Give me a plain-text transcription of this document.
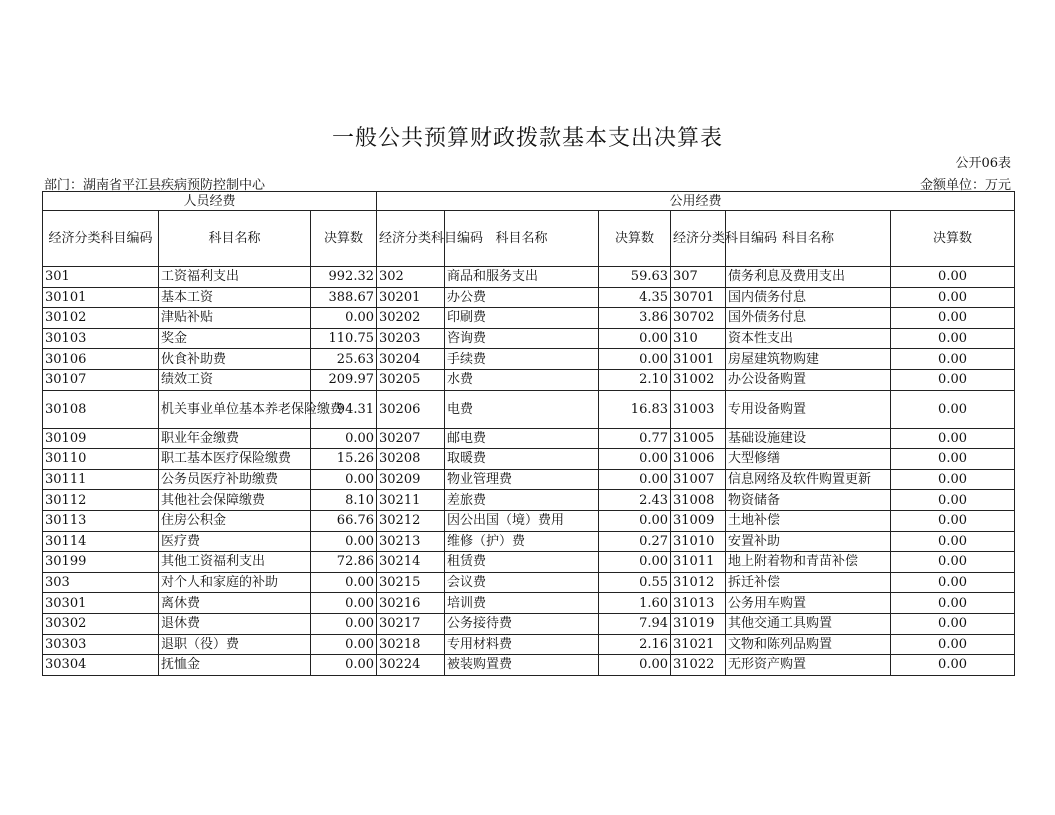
一般公共预算财政拨款基本支出决算表
公开06表
部门：湖南省平江县疾病预防控制中心	金额单位：万元
人员经费			公用经费					
经济分类科目编码	科目名称	决算数	经济分类科目编码	科目名称	决算数	经济分类科目编码	科目名称	决算数
301	工资福利支出	992.32	302	商品和服务支出	59.63	307	债务利息及费用支出	0.00
30101	基本工资	388.67	30201	办公费	4.35	30701	国内债务付息	0.00
30102	津贴补贴	0.00	30202	印刷费	3.86	30702	国外债务付息	0.00
30103	奖金	110.75	30203	咨询费	0.00	310	资本性支出	0.00
30106	伙食补助费	25.63	30204	手续费	0.00	31001	房屋建筑物购建	0.00
30107	绩效工资	209.97	30205	水费	2.10	31002	办公设备购置	0.00
30108	机关事业单位基本养老保险缴费	94.31	30206	电费	16.83	31003	专用设备购置	0.00
30109	职业年金缴费	0.00	30207	邮电费	0.77	31005	基础设施建设	0.00
30110	职工基本医疗保险缴费	15.26	30208	取暖费	0.00	31006	大型修缮	0.00
30111	公务员医疗补助缴费	0.00	30209	物业管理费	0.00	31007	信息网络及软件购置更新	0.00
30112	其他社会保障缴费	8.10	30211	差旅费	2.43	31008	物资储备	0.00
30113	住房公积金	66.76	30212	因公出国（境）费用	0.00	31009	土地补偿	0.00
30114	医疗费	0.00	30213	维修（护）费	0.27	31010	安置补助	0.00
30199	其他工资福利支出	72.86	30214	租赁费	0.00	31011	地上附着物和青苗补偿	0.00
303	对个人和家庭的补助	0.00	30215	会议费	0.55	31012	拆迁补偿	0.00
30301	离休费	0.00	30216	培训费	1.60	31013	公务用车购置	0.00
30302	退休费	0.00	30217	公务接待费	7.94	31019	其他交通工具购置	0.00
30303	退职（役）费	0.00	30218	专用材料费	2.16	31021	文物和陈列品购置	0.00
30304	抚恤金	0.00	30224	被装购置费	0.00	31022	无形资产购置	0.00
